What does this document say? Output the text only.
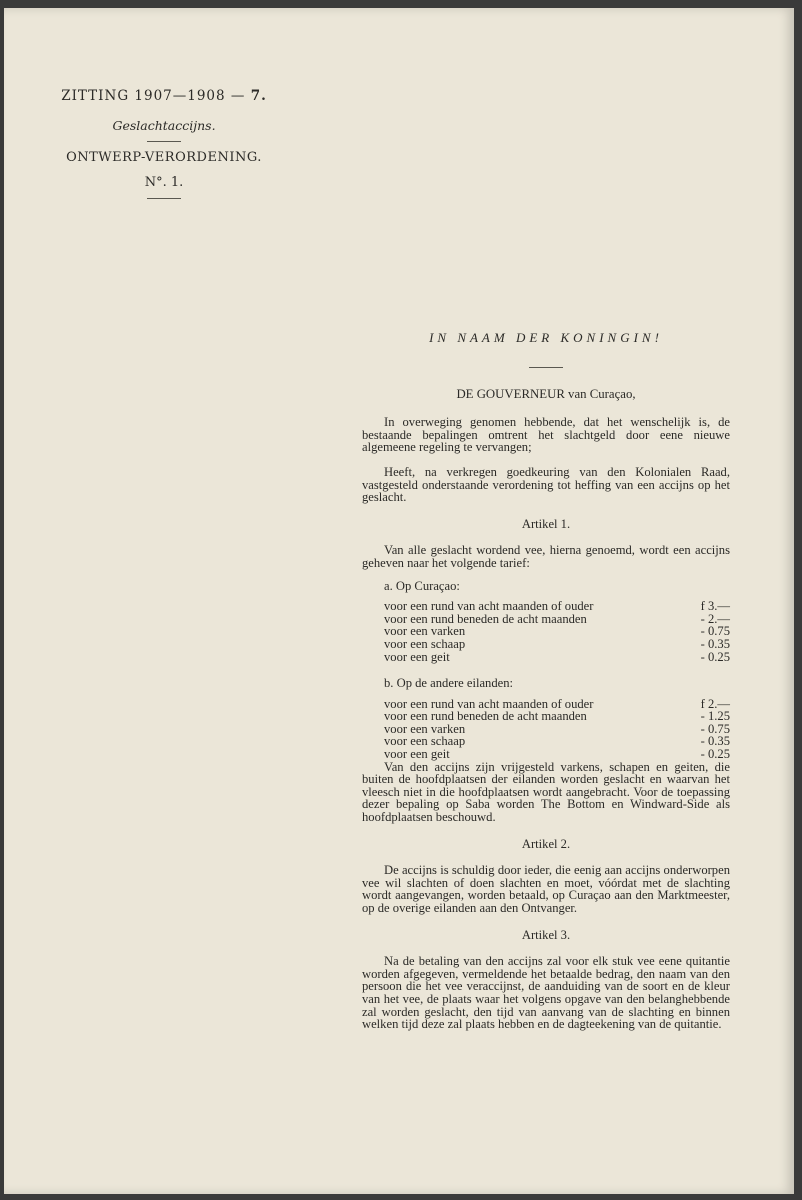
ZITTING 1907—1908 — 7.
Geslachtaccijns.
ONTWERP-VERORDENING.
N°. 1.
IN NAAM DER KONINGIN!
DE GOUVERNEUR van Curaçao,

In overweging genomen hebbende, dat het wenschelijk is, de bestaande bepalingen omtrent het slachtgeld door eene nieuwe algemeene regeling te vervangen;

Heeft, na verkregen goedkeuring van den Kolonialen Raad, vastgesteld onderstaande verordening tot heffing van een accijns op het geslacht.

Artikel 1.

Van alle geslacht wordend vee, hierna genoemd, wordt een accijns geheven naar het volgende tarief:

a. Op Curaçao:
voor een rund van acht maanden of ouder	f 3.—
voor een rund beneden de acht maanden	- 2.—
voor een varken	- 0.75
voor een schaap	- 0.35
voor een geit	- 0.25
b. Op de andere eilanden:
voor een rund van acht maanden of ouder	f 2.—
voor een rund beneden de acht maanden	- 1.25
voor een varken	- 0.75
voor een schaap	- 0.35
voor een geit	- 0.25

Van den accijns zijn vrijgesteld varkens, schapen en geiten, die buiten de hoofdplaatsen der eilanden worden geslacht en waarvan het vleesch niet in die hoofdplaatsen wordt aangebracht. Voor de toepassing dezer bepaling op Saba worden The Bottom en Windward-Side als hoofdplaatsen beschouwd.

Artikel 2.

De accijns is schuldig door ieder, die eenig aan accijns onderworpen vee wil slachten of doen slachten en moet, vóórdat met de slachting wordt aangevangen, worden betaald, op Curaçao aan den Marktmeester, op de overige eilanden aan den Ontvanger.

Artikel 3.

Na de betaling van den accijns zal voor elk stuk vee eene quitantie worden afgegeven, vermeldende het betaalde bedrag, den naam van den persoon die het vee veraccijnst, de aanduiding van de soort en de kleur van het vee, de plaats waar het volgens opgave van den belanghebbende zal worden geslacht, den tijd van aanvang van de slachting en binnen welken tijd deze zal plaats hebben en de dagteekening van de quitantie.
